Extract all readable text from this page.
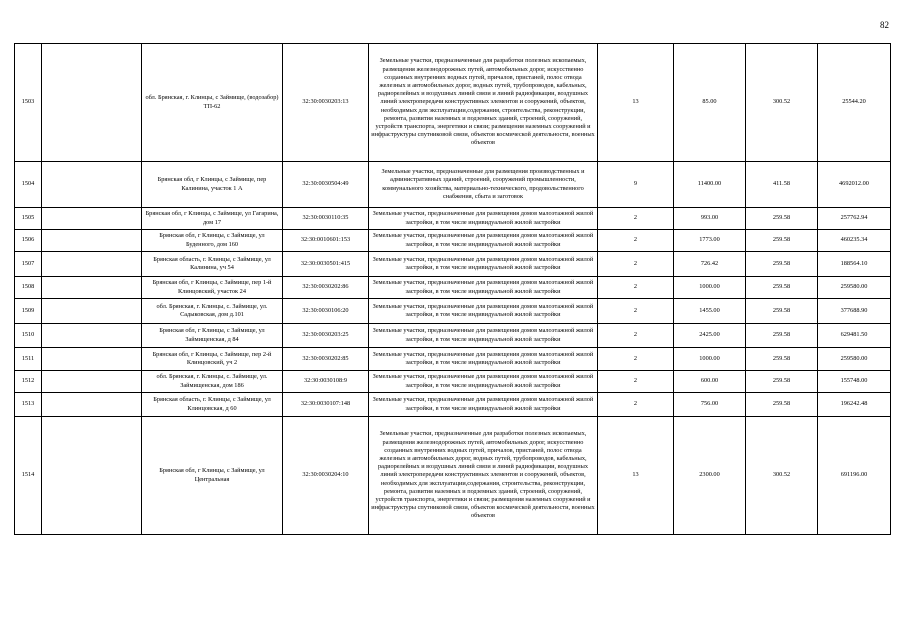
82
1503		обл. Брянская, г. Клинцы, с Займище, (водозабор) ТП-62	32:30:0030203:13	Земельные участки, предназначенные для разработки полезных ископаемых, размещения железнодорожных путей, автомобильных дорог, искусственно созданных внутренних водных путей, причалов, пристаней, полос отвода железных и автомобильных дорог, водных путей, трубопроводов, кабельных, радиорелейных и воздушных линий связи и линий радиофикации, воздушных линий электропередачи конструктивных элементов и сооружений, объектов, необходимых для эксплуатации,содержания, строительства, реконструкции, ремонта, развития наземных и подземных зданий, строений, сооружений, устройств транспорта, энергетики и связи; размещения наземных сооружений и инфраструктуры спутниковой связи, объектов космической деятельности, военных объектов	13	85.00	300.52	25544.20
1504		Брянская обл, г Клинцы, с Займище, пер Калинина, участок 1 А	32:30:0030504:49	Земельные участки, предназначенные для размещения производственных и административных зданий, строений, сооружений промышленности, коммунального хозяйства, материально-технического, продовольственного снабжения, сбыта и заготовок	9	11400.00	411.58	4692012.00
1505		Брянская обл, г Клинцы, с Займище, ул Гагарина, дом 17	32:30:0030110:35	Земельные участки, предназначенные для размещения домов малоэтажной жилой застройки, в том числе индивидуальной жилой застройки	2	993.00	259.58	257762.94
1506		Брянская обл, г Клинцы, с Займище, ул Буденного, дом 160	32:30:0010601:153	Земельные участки, предназначенные для размещения домов малоэтажной жилой застройки, в том числе индивидуальной жилой застройки	2	1773.00	259.58	460235.34
1507		Брянская область, г. Клинцы, с Займище, ул Калинина, уч 54	32:30:0030501:415	Земельные участки, предназначенные для размещения домов малоэтажной жилой застройки, в том числе индивидуальной жилой застройки	2	726.42	259.58	188564.10
1508		Брянская обл, г Клинцы, с Займище, пер 1-й Клинцовский, участок 24	32:30:0030202:86	Земельные участки, предназначенные для размещения домов малоэтажной жилой застройки, в том числе индивидуальной жилой застройки	2	1000.00	259.58	259580.00
1509		обл. Брянская, г. Клинцы, с. Займище, ул. Садыковская, дом д.101	32:30:0030106:20	Земельные участки, предназначенные для размещения домов малоэтажной жилой застройки, в том числе индивидуальной жилой застройки	2	1455.00	259.58	377688.90
1510		Брянская обл, г Клинцы, с Займище, ул Займищенская, д 84	32:30:0030203:25	Земельные участки, предназначенные для размещения домов малоэтажной жилой застройки, в том числе индивидуальной жилой застройки	2	2425.00	259.58	629481.50
1511		Брянская обл, г Клинцы, с Займище, пер 2-й Клинцовский, уч 2	32:30:0030202:85	Земельные участки, предназначенные для размещения домов малоэтажной жилой застройки, в том числе индивидуальной жилой застройки	2	1000.00	259.58	259580.00
1512		обл. Брянская, г. Клинцы, с. Займище, ул. Займищенская, дом 186	32:30:0030108:9	Земельные участки, предназначенные для размещения домов малоэтажной жилой застройки, в том числе индивидуальной жилой застройки	2	600.00	259.58	155748.00
1513		Брянская область, г. Клинцы, с Займище, ул Клинцовская, д 60	32:30:0030107:148	Земельные участки, предназначенные для размещения домов малоэтажной жилой застройки, в том числе индивидуальной жилой застройки	2	756.00	259.58	196242.48
1514		Брянская обл, г Клинцы, с Займище, ул Центральная	32:30:0030204:10	Земельные участки, предназначенные для разработки полезных ископаемых, размещения железнодорожных путей, автомобильных дорог, искусственно созданных внутренних водных путей, причалов, пристаней, полос отвода железных и автомобильных дорог, водных путей, трубопроводов, кабельных, радиорелейных и воздушных линий связи и линий радиофикации, воздушных линий электропередачи конструктивных элементов и сооружений, объектов, необходимых для эксплуатации,содержания, строительства, реконструкции, ремонта, развития наземных и подземных зданий, строений, сооружений, устройств транспорта, энергетики и связи; размещения наземных сооружений и инфраструктуры спутниковой связи, объектов космической деятельности, военных объектов	13	2300.00	300.52	691196.00
